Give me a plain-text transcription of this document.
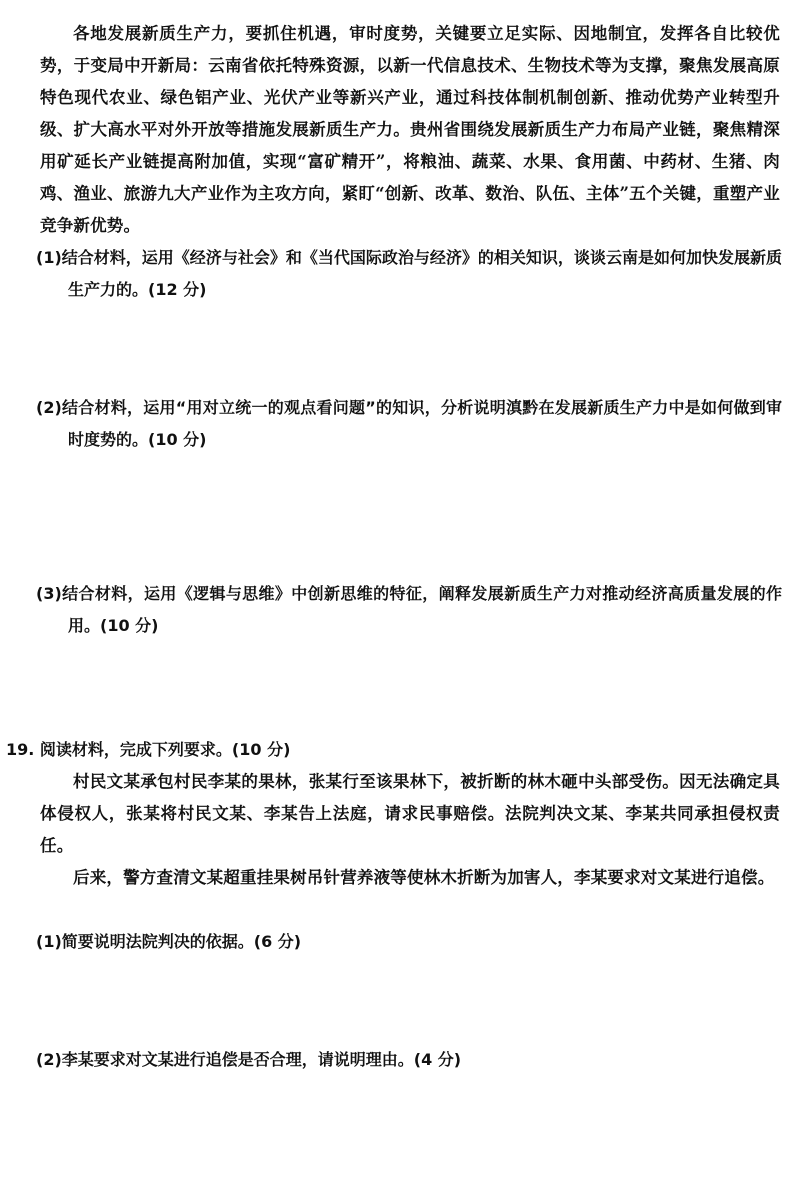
各地发展新质生产力，要抓住机遇，审时度势，关键要立足实际、因地制宜，发挥各自比较优势，于变局中开新局：云南省依托特殊资源，以新一代信息技术、生物技术等为支撑，聚焦发展高原特色现代农业、绿色铝产业、光伏产业等新兴产业，通过科技体制机制创新、推动优势产业转型升级、扩大高水平对外开放等措施发展新质生产力。贵州省围绕发展新质生产力布局产业链，聚焦精深用矿延长产业链提高附加值，实现“富矿精开”，将粮油、蔬菜、水果、食用菌、中药材、生猪、肉鸡、渔业、旅游九大产业作为主攻方向，紧盯“创新、改革、数治、队伍、主体”五个关键，重塑产业竞争新优势。

(1)结合材料，运用《经济与社会》和《当代国际政治与经济》的相关知识，谈谈云南是如何加快发展新质生产力的。(12 分)
(2)结合材料，运用“用对立统一的观点看问题”的知识，分析说明滇黔在发展新质生产力中是如何做到审时度势的。(10 分)
(3)结合材料，运用《逻辑与思维》中创新思维的特征，阐释发展新质生产力对推动经济高质量发展的作用。(10 分)
19. 阅读材料，完成下列要求。(10 分)

村民文某承包村民李某的果林，张某行至该果林下，被折断的林木砸中头部受伤。因无法确定具体侵权人，张某将村民文某、李某告上法庭，请求民事赔偿。法院判决文某、李某共同承担侵权责任。

后来，警方查清文某超重挂果树吊针营养液等使林木折断为加害人，李某要求对文某进行追偿。

(1)简要说明法院判决的依据。(6 分)
(2)李某要求对文某进行追偿是否合理，请说明理由。(4 分)
